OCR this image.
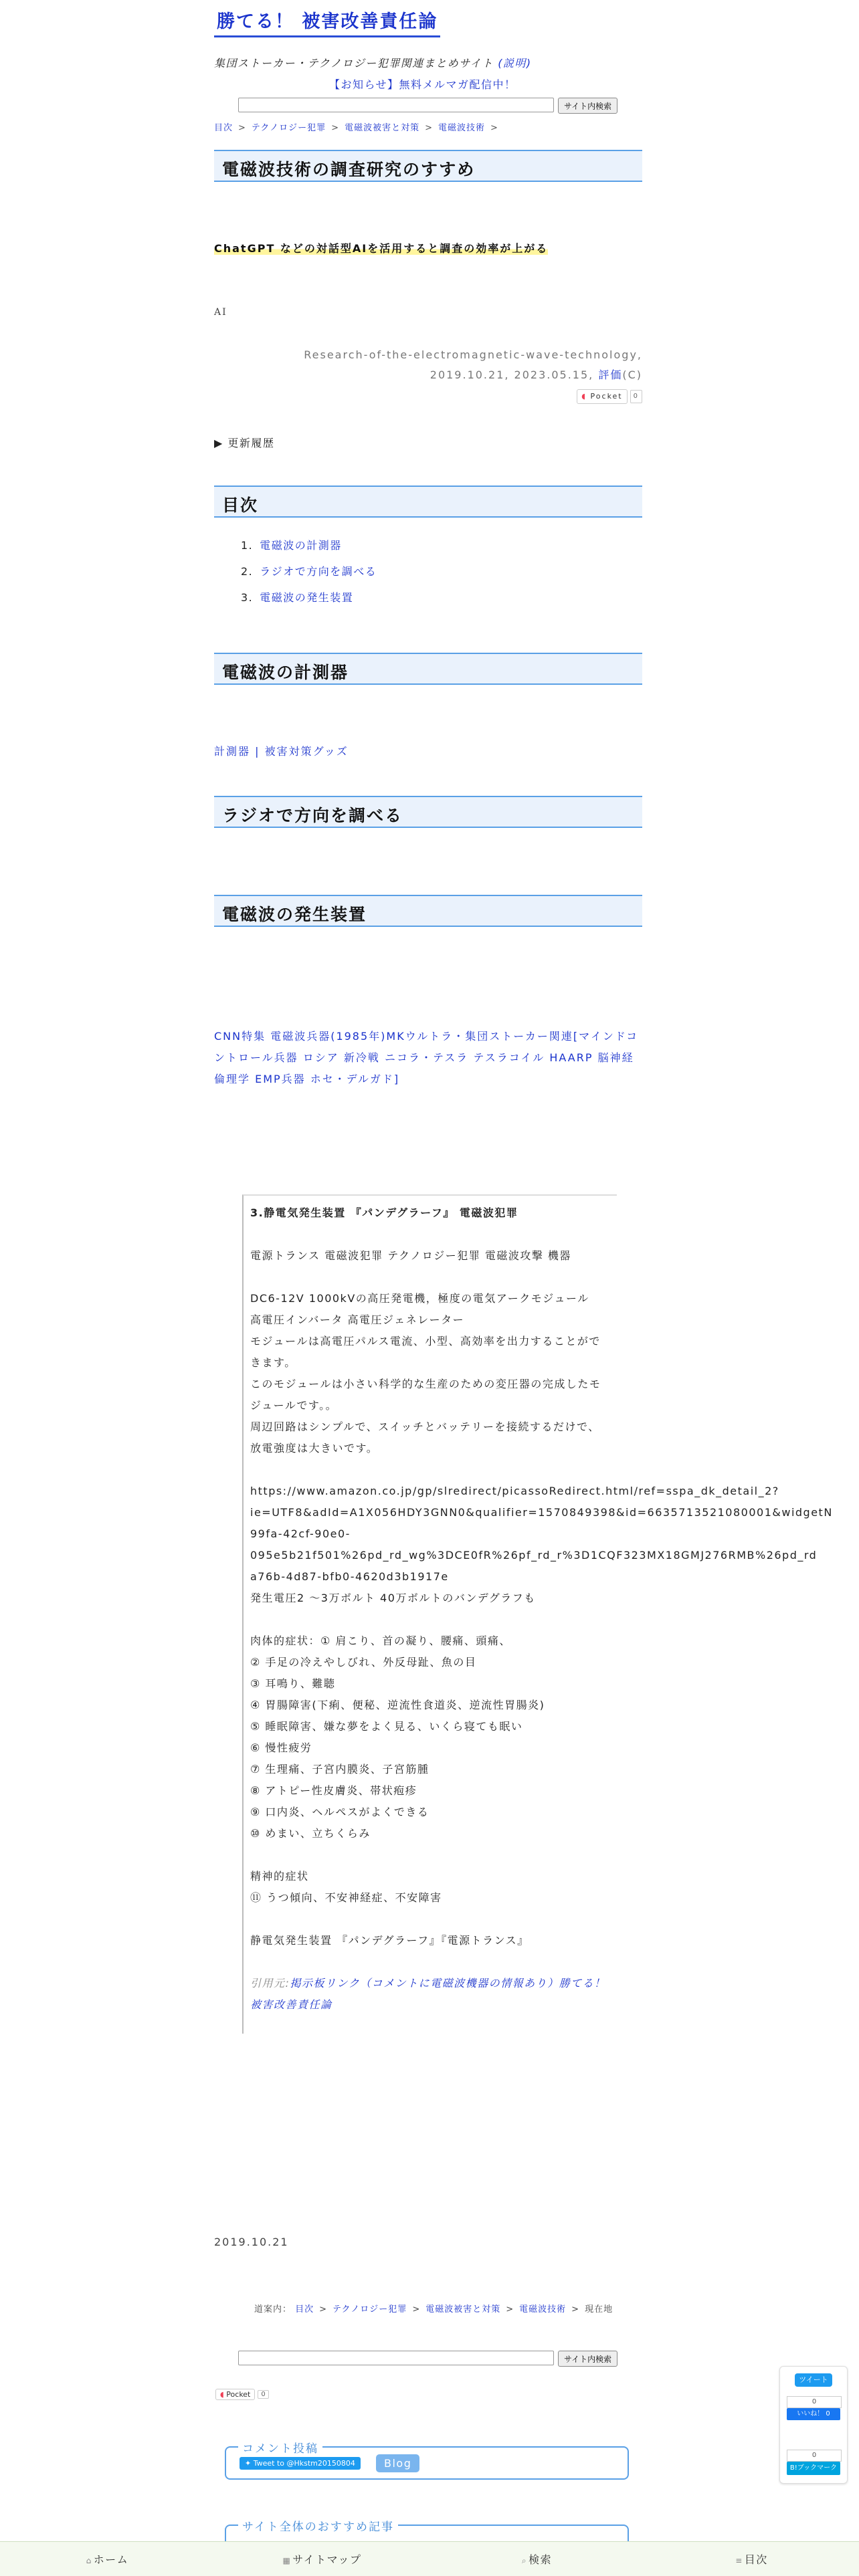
勝てる！ 被害改善責任論
集団ストーカー・テクノロジー犯罪関連まとめサイト (説明)
【お知らせ】無料メルマガ配信中！
サイト内検索
目次 > テクノロジー犯罪 > 電磁波被害と対策 > 電磁波技術 >
電磁波技術の調査研究のすすめ
ChatGPT などの対話型AIを活用すると調査の効率が上がる
AI
Research-of-the-electromagnetic-wave-technology,
2019.10.21, 2023.05.15, 評価(C)
◖ Pocket	0
▶ 更新履歴
目次
1. 電磁波の計測器
2. ラジオで方向を調べる
3. 電磁波の発生装置
電磁波の計測器
計測器 | 被害対策グッズ
ラジオで方向を調べる
電磁波の発生装置
CNN特集 電磁波兵器(1985年)MKウルトラ・集団ストーカー関連[マインドコントロール兵器 ロシア 新冷戦 ニコラ・テスラ テスラコイル HAARP 脳神経倫理学 EMP兵器 ホセ・デルガド]
3.静電気発生装置 『パンデグラーフ』 電磁波犯罪
電源トランス 電磁波犯罪 テクノロジー犯罪 電磁波攻撃 機器
DC6-12V 1000kVの高圧発電機，極度の電気アークモジュール
高電圧インバータ 高電圧ジェネレーター
モジュールは高電圧パルス電流、小型、高効率を出力することができます。
このモジュールは小さい科学的な生産のための変圧器の完成したモジュールです。。
周辺回路はシンプルで、スイッチとバッテリーを接続するだけで、放電強度は大きいです。
https://www.amazon.co.jp/gp/slredirect/picassoRedirect.html/ref=sspa_dk_detail_2?
ie=UTF8&adId=A1X056HDY3GNN0&qualifier=1570849398&id=6635713521080001&widgetN
99fa-42cf-90e0-
095e5b21f501%26pd_rd_wg%3DCE0fR%26pf_rd_r%3D1CQF323MX18GMJ276RMB%26pd_rd
a76b-4d87-bfb0-4620d3b1917e
発生電圧2 ～3万ボルト 40万ボルトのバンデグラフも
肉体的症状：① 肩こり、首の凝り、腰痛、頭痛、
② 手足の冷えやしびれ、外反母趾、魚の目
③ 耳鳴り、難聴
④ 胃腸障害(下痢、便秘、逆流性食道炎、逆流性胃腸炎)
⑤ 睡眠障害、嫌な夢をよく見る、いくら寝ても眠い
⑥ 慢性疲労
⑦ 生理痛、子宮内膜炎、子宮筋腫
⑧ アトピー性皮膚炎、帯状疱疹
⑨ 口内炎、ヘルペスがよくできる
⑩ めまい、立ちくらみ
精神的症状
⑪ うつ傾向、不安神経症、不安障害
静電気発生装置 『パンデグラーフ』『電源トランス』
引用元:掲示板リンク（コメントに電磁波機器の情報あり）勝てる！ 被害改善責任論
2019.10.21
道案内： 目次 > テクノロジー犯罪 > 電磁波被害と対策 > 電磁波技術 > 現在地
サイト内検索
◖ Pocket	0
コメント投稿
✦ Tweet to @Hkstm20150804	Blog
サイト全体のおすすめ記事
ツイート
0
いいね！ 0
0
B!ブックマーク
⌂ ホーム	▦ サイトマップ	⌕ 検索	≡ 目次
